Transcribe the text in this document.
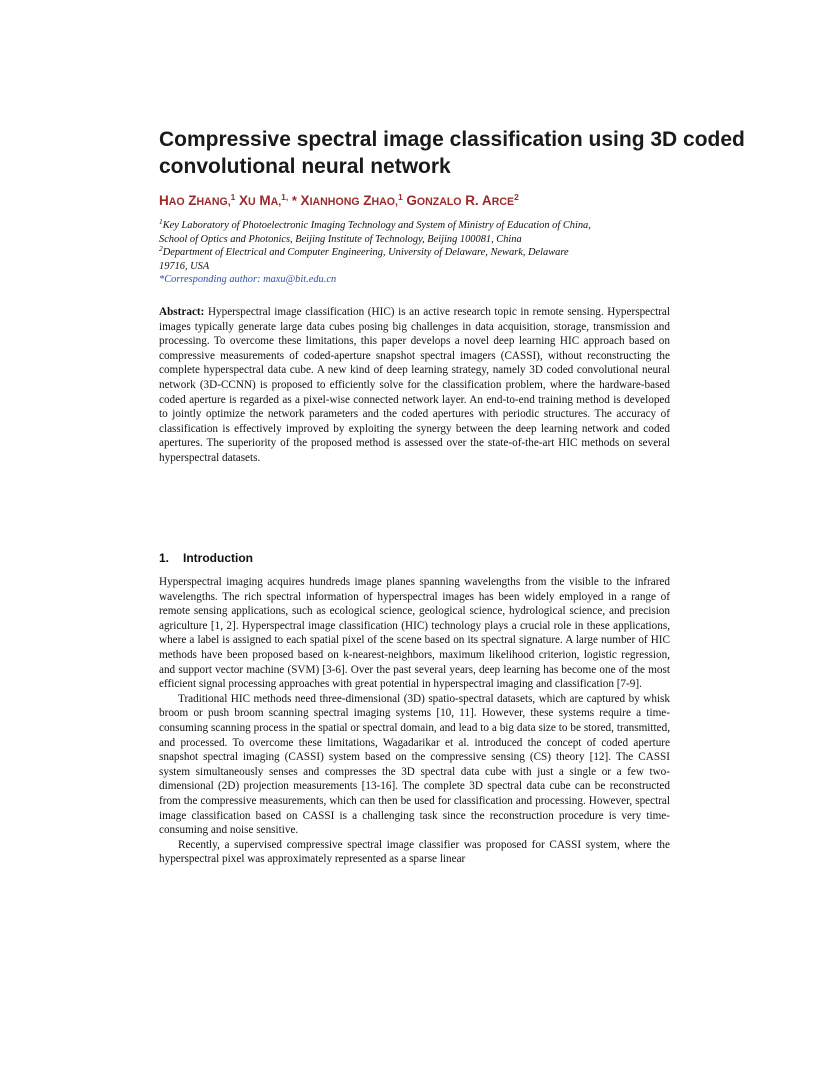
Compressive spectral image classification using 3D coded convolutional neural network
HAO ZHANG,$^1$ XU MA,$^{1,}$ * XIANHONG ZHAO,$^1$ GONZALO R. ARCE$^2$
$^1$Key Laboratory of Photoelectronic Imaging Technology and System of Ministry of Education of China,
School of Optics and Photonics, Beijing Institute of Technology, Beijing 100081, China
$^2$Department of Electrical and Computer Engineering, University of Delaware, Newark, Delaware
19716, USA
*Corresponding author: maxu@bit.edu.cn

Abstract: Hyperspectral image classification (HIC) is an active research topic in remote sensing. Hyperspectral images typically generate large data cubes posing big challenges in data acquisition, storage, transmission and processing. To overcome these limitations, this paper develops a novel deep learning HIC approach based on compressive measurements of coded-aperture snapshot spectral imagers (CASSI), without reconstructing the complete hyperspectral data cube. A new kind of deep learning strategy, namely 3D coded convolutional neural network (3D-CCNN) is proposed to efficiently solve for the classification problem, where the hardware-based coded aperture is regarded as a pixel-wise connected network layer. An end-to-end training method is developed to jointly optimize the network parameters and the coded apertures with periodic structures. The accuracy of classification is effectively improved by exploiting the synergy between the deep learning network and coded apertures. The superiority of the proposed method is assessed over the state-of-the-art HIC methods on several hyperspectral datasets.

1. Introduction

Hyperspectral imaging acquires hundreds image planes spanning wavelengths from the visible to the infrared wavelengths. The rich spectral information of hyperspectral images has been widely employed in a range of remote sensing applications, such as ecological science, geological science, hydrological science, and precision agriculture [1, 2]. Hyperspectral image classification (HIC) technology plays a crucial role in these applications, where a label is assigned to each spatial pixel of the scene based on its spectral signature. A large number of HIC methods have been proposed based on k-nearest-neighbors, maximum likelihood criterion, logistic regression, and support vector machine (SVM) [3-6]. Over the past several years, deep learning has become one of the most efficient signal processing approaches with great potential in hyperspectral imaging and classification [7-9].

Traditional HIC methods need three-dimensional (3D) spatio-spectral datasets, which are captured by whisk broom or push broom scanning spectral imaging systems [10, 11]. However, these systems require a time-consuming scanning process in the spatial or spectral domain, and lead to a big data size to be stored, transmitted, and processed. To overcome these limitations, Wagadarikar et al. introduced the concept of coded aperture snapshot spectral imaging (CASSI) system based on the compressive sensing (CS) theory [12]. The CASSI system simultaneously senses and compresses the 3D spectral data cube with just a single or a few two-dimensional (2D) projection measurements [13-16]. The complete 3D spectral data cube can be reconstructed from the compressive measurements, which can then be used for classification and processing. However, spectral image classification based on CASSI is a challenging task since the reconstruction procedure is very time-consuming and noise sensitive.

Recently, a supervised compressive spectral image classifier was proposed for CASSI system, where the hyperspectral pixel was approximately represented as a sparse linear
